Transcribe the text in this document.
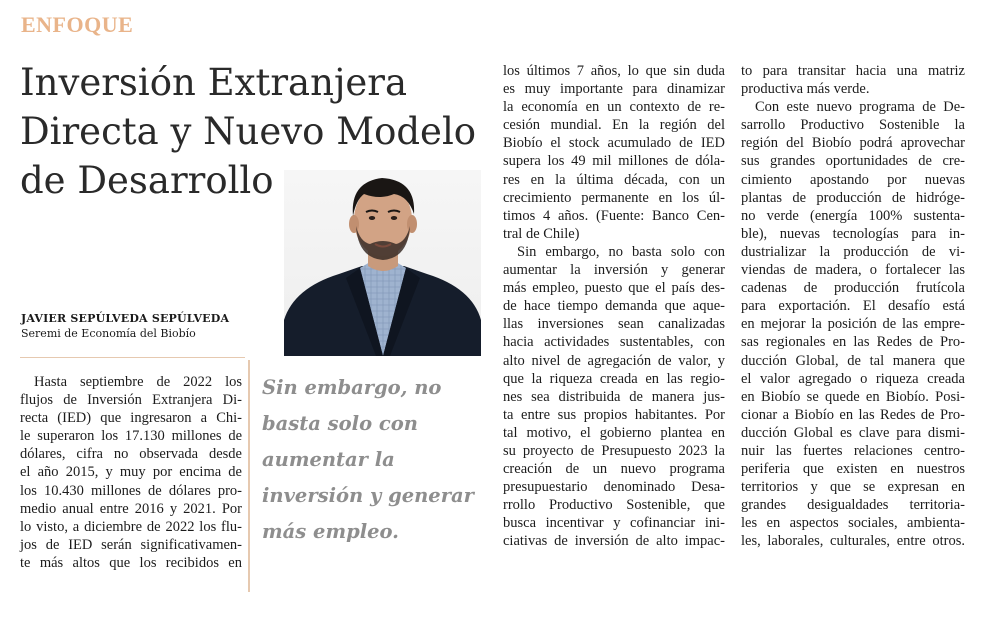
ENFOQUE
Inversión Extranjera
Directa y Nuevo Modelo
de Desarrollo
JAVIER SEPÚLVEDA SEPÚLVEDA
Seremi de Economía del Biobío
Hasta septiembre de 2022 los
flujos de Inversión Extranjera Di-
recta (IED) que ingresaron a Chi-
le superaron los 17.130 millones de
dólares, cifra no observada desde
el año 2015, y muy por encima de
los 10.430 millones de dólares pro-
medio anual entre 2016 y 2021. Por
lo visto, a diciembre de 2022 los flu-
jos de IED serán significativamen-
te más altos que los recibidos en
Sin embargo, no
basta solo con
aumentar la
inversión y generar
más empleo.
los últimos 7 años, lo que sin duda
es muy importante para dinamizar
la economía en un contexto de re-
cesión mundial. En la región del
Biobío el stock acumulado de IED
supera los 49 mil millones de dóla-
res en la última década, con un
crecimiento permanente en los úl-
timos 4 años. (Fuente: Banco Cen-
tral de Chile)
Sin embargo, no basta solo con
aumentar la inversión y generar
más empleo, puesto que el país des-
de hace tiempo demanda que aque-
llas inversiones sean canalizadas
hacia actividades sustentables, con
alto nivel de agregación de valor, y
que la riqueza creada en las regio-
nes sea distribuida de manera jus-
ta entre sus propios habitantes. Por
tal motivo, el gobierno plantea en
su proyecto de Presupuesto 2023 la
creación de un nuevo programa
presupuestario denominado Desa-
rrollo Productivo Sostenible, que
busca incentivar y cofinanciar ini-
ciativas de inversión de alto impac-
to para transitar hacia una matriz
productiva más verde.
Con este nuevo programa de De-
sarrollo Productivo Sostenible la
región del Biobío podrá aprovechar
sus grandes oportunidades de cre-
cimiento apostando por nuevas
plantas de producción de hidróge-
no verde (energía 100% sustenta-
ble), nuevas tecnologías para in-
dustrializar la producción de vi-
viendas de madera, o fortalecer las
cadenas de producción frutícola
para exportación. El desafío está
en mejorar la posición de las empre-
sas regionales en las Redes de Pro-
ducción Global, de tal manera que
el valor agregado o riqueza creada
en Biobío se quede en Biobío. Posi-
cionar a Biobío en las Redes de Pro-
ducción Global es clave para dismi-
nuir las fuertes relaciones centro-
periferia que existen en nuestros
territorios y que se expresan en
grandes desigualdades territoria-
les en aspectos sociales, ambienta-
les, laborales, culturales, entre otros.
